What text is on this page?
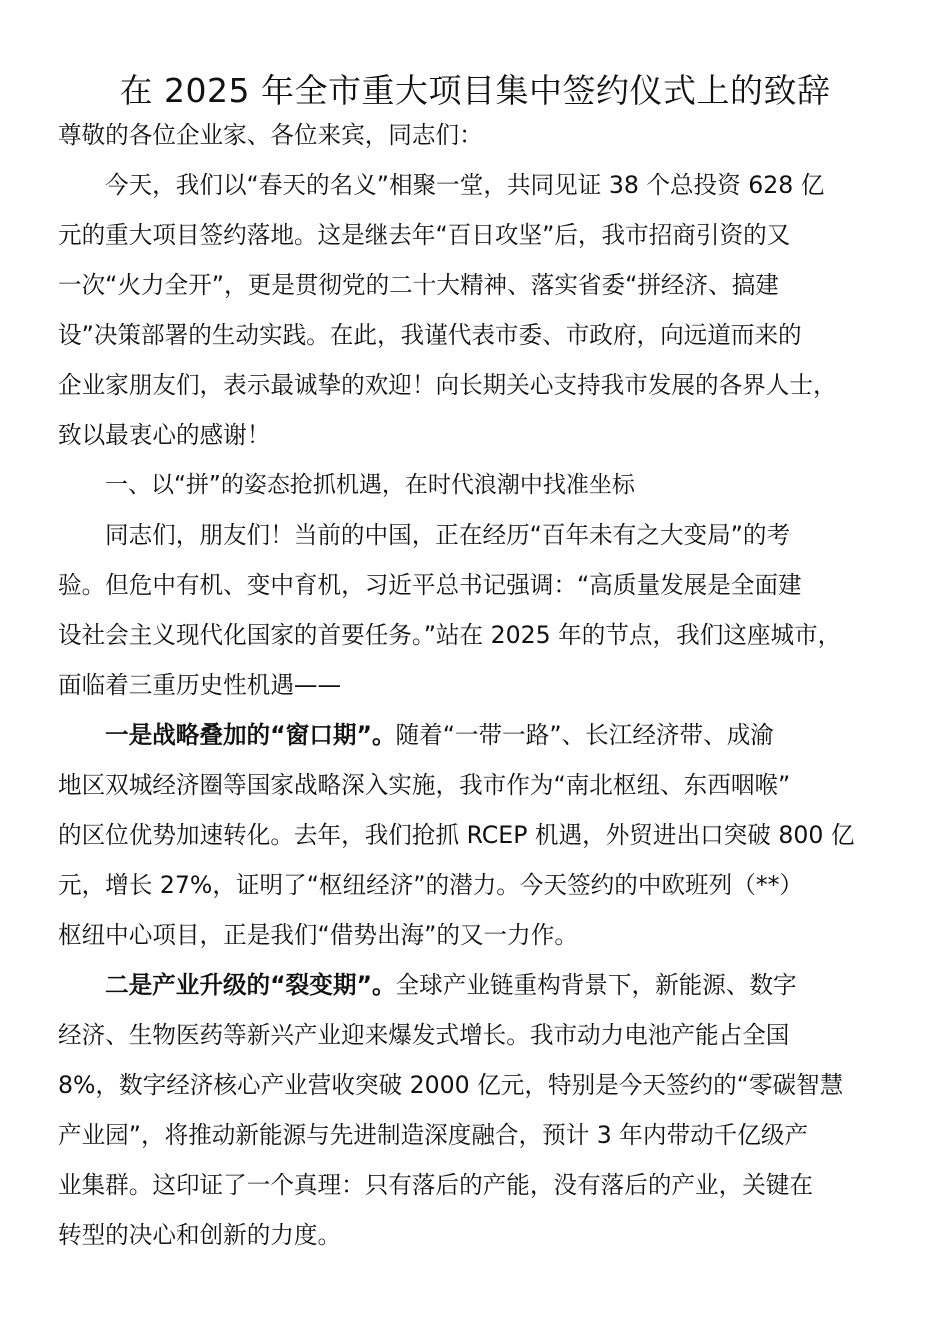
在 2025 年全市重大项目集中签约仪式上的致辞

尊敬的各位企业家、各位来宾，同志们：

今天，我们以“春天的名义”相聚一堂，共同见证 38 个总投资 628 亿
元的重大项目签约落地。这是继去年“百日攻坚”后，我市招商引资的又
一次“火力全开”，更是贯彻党的二十大精神、落实省委“拼经济、搞建
设”决策部署的生动实践。在此，我谨代表市委、市政府，向远道而来的
企业家朋友们，表示最诚挚的欢迎！向长期关心支持我市发展的各界人士，
致以最衷心的感谢！

一、以“拼”的姿态抢抓机遇，在时代浪潮中找准坐标

同志们，朋友们！当前的中国，正在经历“百年未有之大变局”的考
验。但危中有机、变中育机，习近平总书记强调：“高质量发展是全面建
设社会主义现代化国家的首要任务。”站在 2025 年的节点，我们这座城市，
面临着三重历史性机遇——
一是战略叠加的“窗口期”。随着“一带一路”、长江经济带、成渝
地区双城经济圈等国家战略深入实施，我市作为“南北枢纽、东西咽喉”
的区位优势加速转化。去年，我们抢抓 RCEP 机遇，外贸进出口突破 800 亿
元，增长 27%，证明了“枢纽经济”的潜力。今天签约的中欧班列（**）
枢纽中心项目，正是我们“借势出海”的又一力作。
二是产业升级的“裂变期”。全球产业链重构背景下，新能源、数字
经济、生物医药等新兴产业迎来爆发式增长。我市动力电池产能占全国
8%，数字经济核心产业营收突破 2000 亿元，特别是今天签约的“零碳智慧
产业园”，将推动新能源与先进制造深度融合，预计 3 年内带动千亿级产
业集群。这印证了一个真理：只有落后的产能，没有落后的产业，关键在
转型的决心和创新的力度。
